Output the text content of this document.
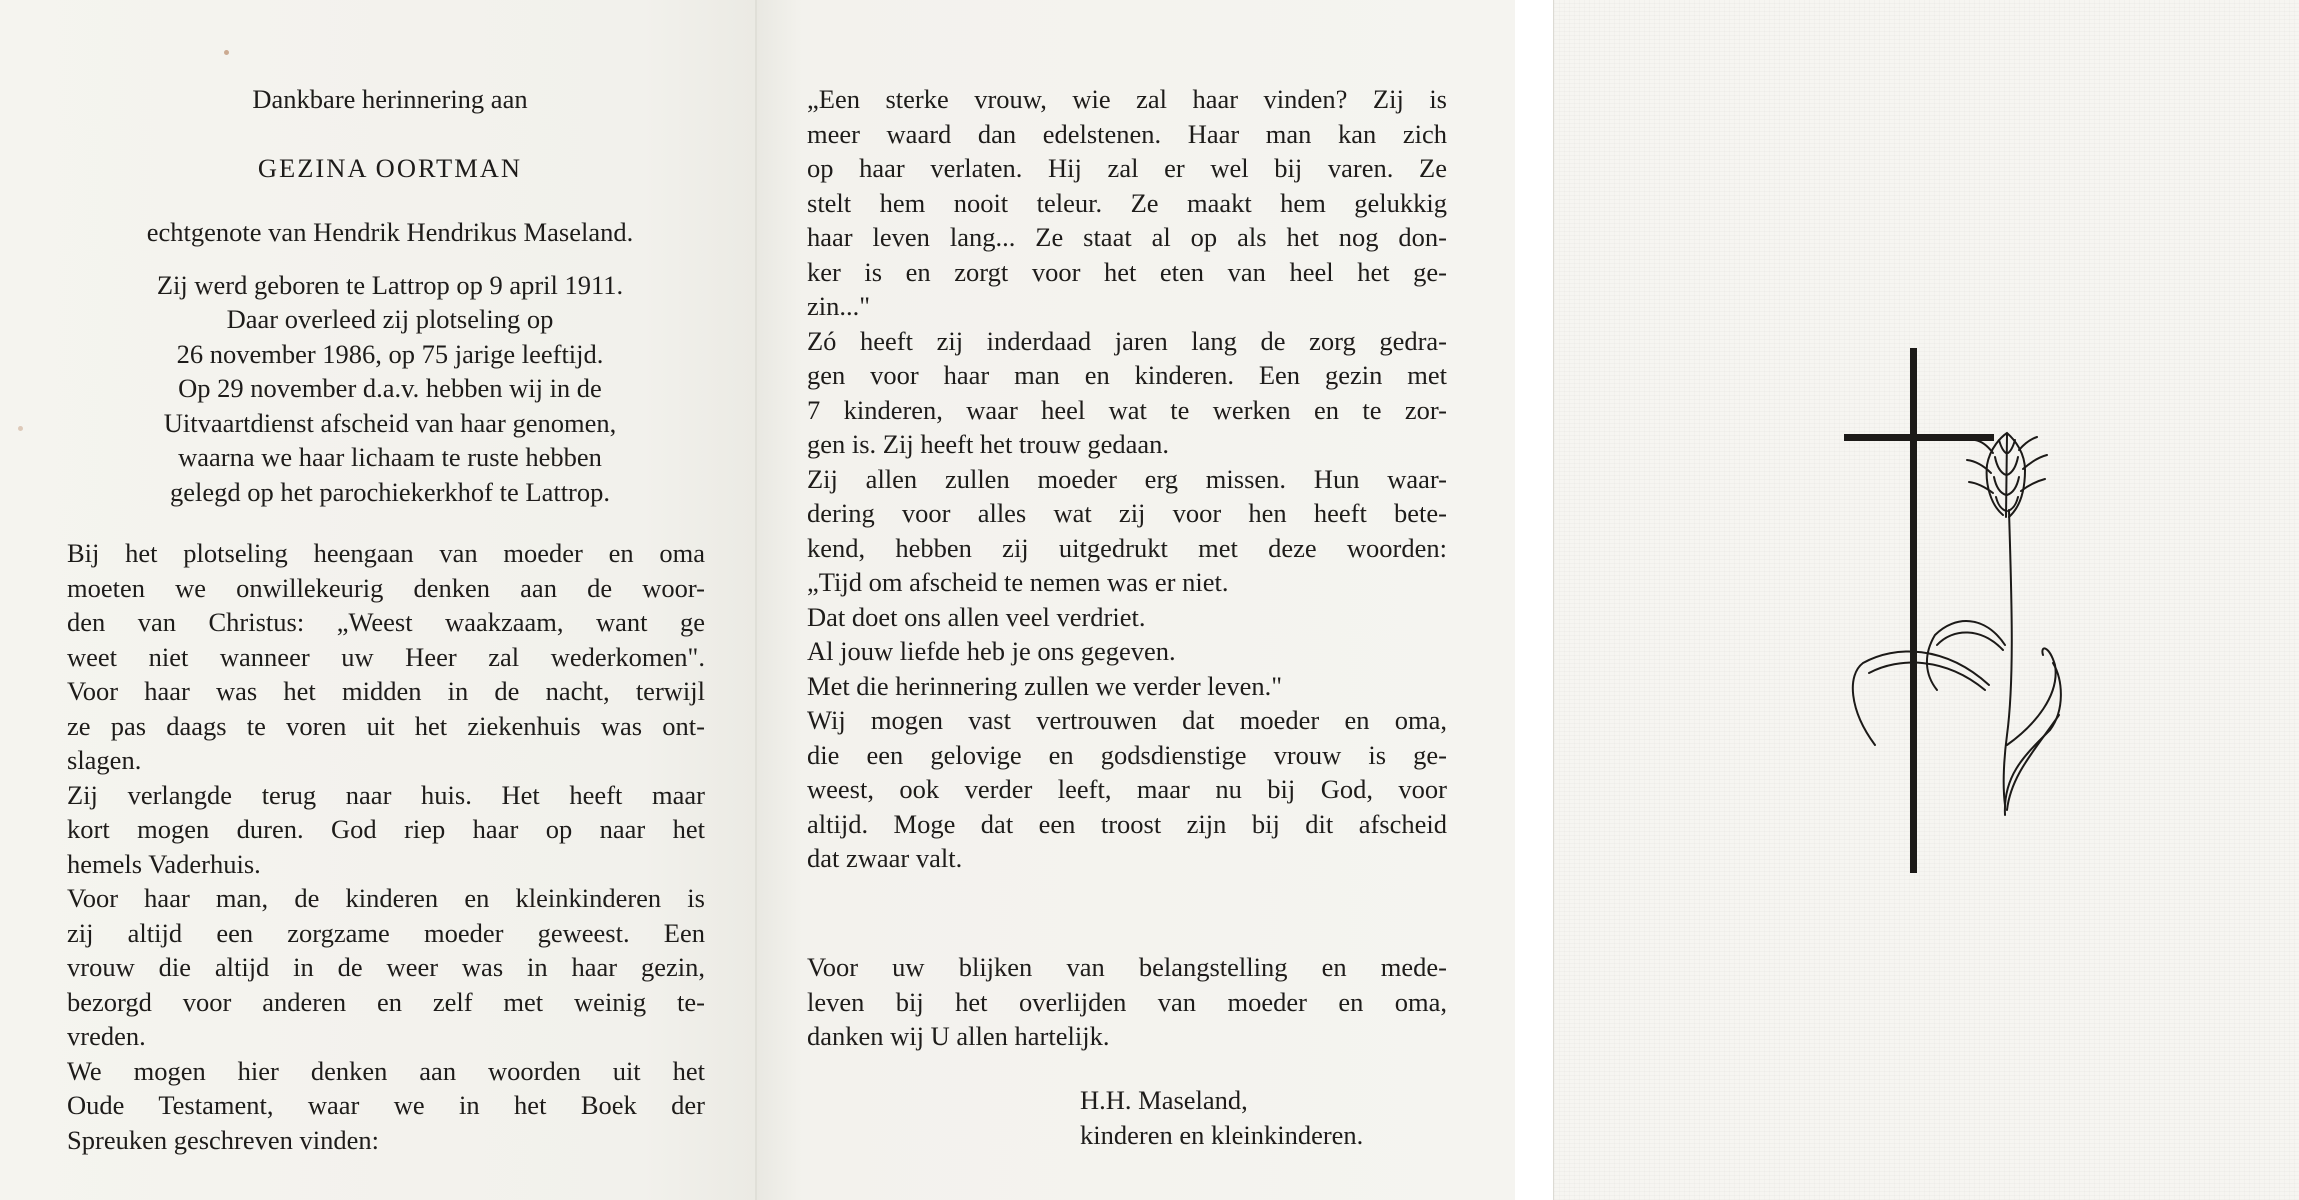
Dankbare herinnering aan
GEZINA OORTMAN
echtgenote van Hendrik Hendrikus Maseland.
Zij werd geboren te Lattrop op 9 april 1911.
Daar overleed zij plotseling op
26 november 1986, op 75 jarige leeftijd.
Op 29 november d.a.v. hebben wij in de
Uitvaartdienst afscheid van haar genomen,
waarna we haar lichaam te ruste hebben
gelegd op het parochiekerkhof te Lattrop.
Bij het plotseling heengaan van moeder en oma
moeten we onwillekeurig denken aan de woor-
den van Christus: „Weest waakzaam, want ge
weet niet wanneer uw Heer zal wederkomen".
Voor haar was het midden in de nacht, terwijl
ze pas daags te voren uit het ziekenhuis was ont-
slagen.
Zij verlangde terug naar huis. Het heeft maar
kort mogen duren. God riep haar op naar het
hemels Vaderhuis.
Voor haar man, de kinderen en kleinkinderen is
zij altijd een zorgzame moeder geweest. Een
vrouw die altijd in de weer was in haar gezin,
bezorgd voor anderen en zelf met weinig te-
vreden.
We mogen hier denken aan woorden uit het
Oude Testament, waar we in het Boek der
Spreuken geschreven vinden:
„Een sterke vrouw, wie zal haar vinden? Zij is
meer waard dan edelstenen. Haar man kan zich
op haar verlaten. Hij zal er wel bij varen. Ze
stelt hem nooit teleur. Ze maakt hem gelukkig
haar leven lang... Ze staat al op als het nog don-
ker is en zorgt voor het eten van heel het ge-
zin..."
Zó heeft zij inderdaad jaren lang de zorg gedra-
gen voor haar man en kinderen. Een gezin met
7 kinderen, waar heel wat te werken en te zor-
gen is. Zij heeft het trouw gedaan.
Zij allen zullen moeder erg missen. Hun waar-
dering voor alles wat zij voor hen heeft bete-
kend, hebben zij uitgedrukt met deze woorden:
„Tijd om afscheid te nemen was er niet.
Dat doet ons allen veel verdriet.
Al jouw liefde heb je ons gegeven.
Met die herinnering zullen we verder leven."
Wij mogen vast vertrouwen dat moeder en oma,
die een gelovige en godsdienstige vrouw is ge-
weest, ook verder leeft, maar nu bij God, voor
altijd. Moge dat een troost zijn bij dit afscheid
dat zwaar valt.
Voor uw blijken van belangstelling en mede-
leven bij het overlijden van moeder en oma,
danken wij U allen hartelijk.
H.H. Maseland,
kinderen en kleinkinderen.
